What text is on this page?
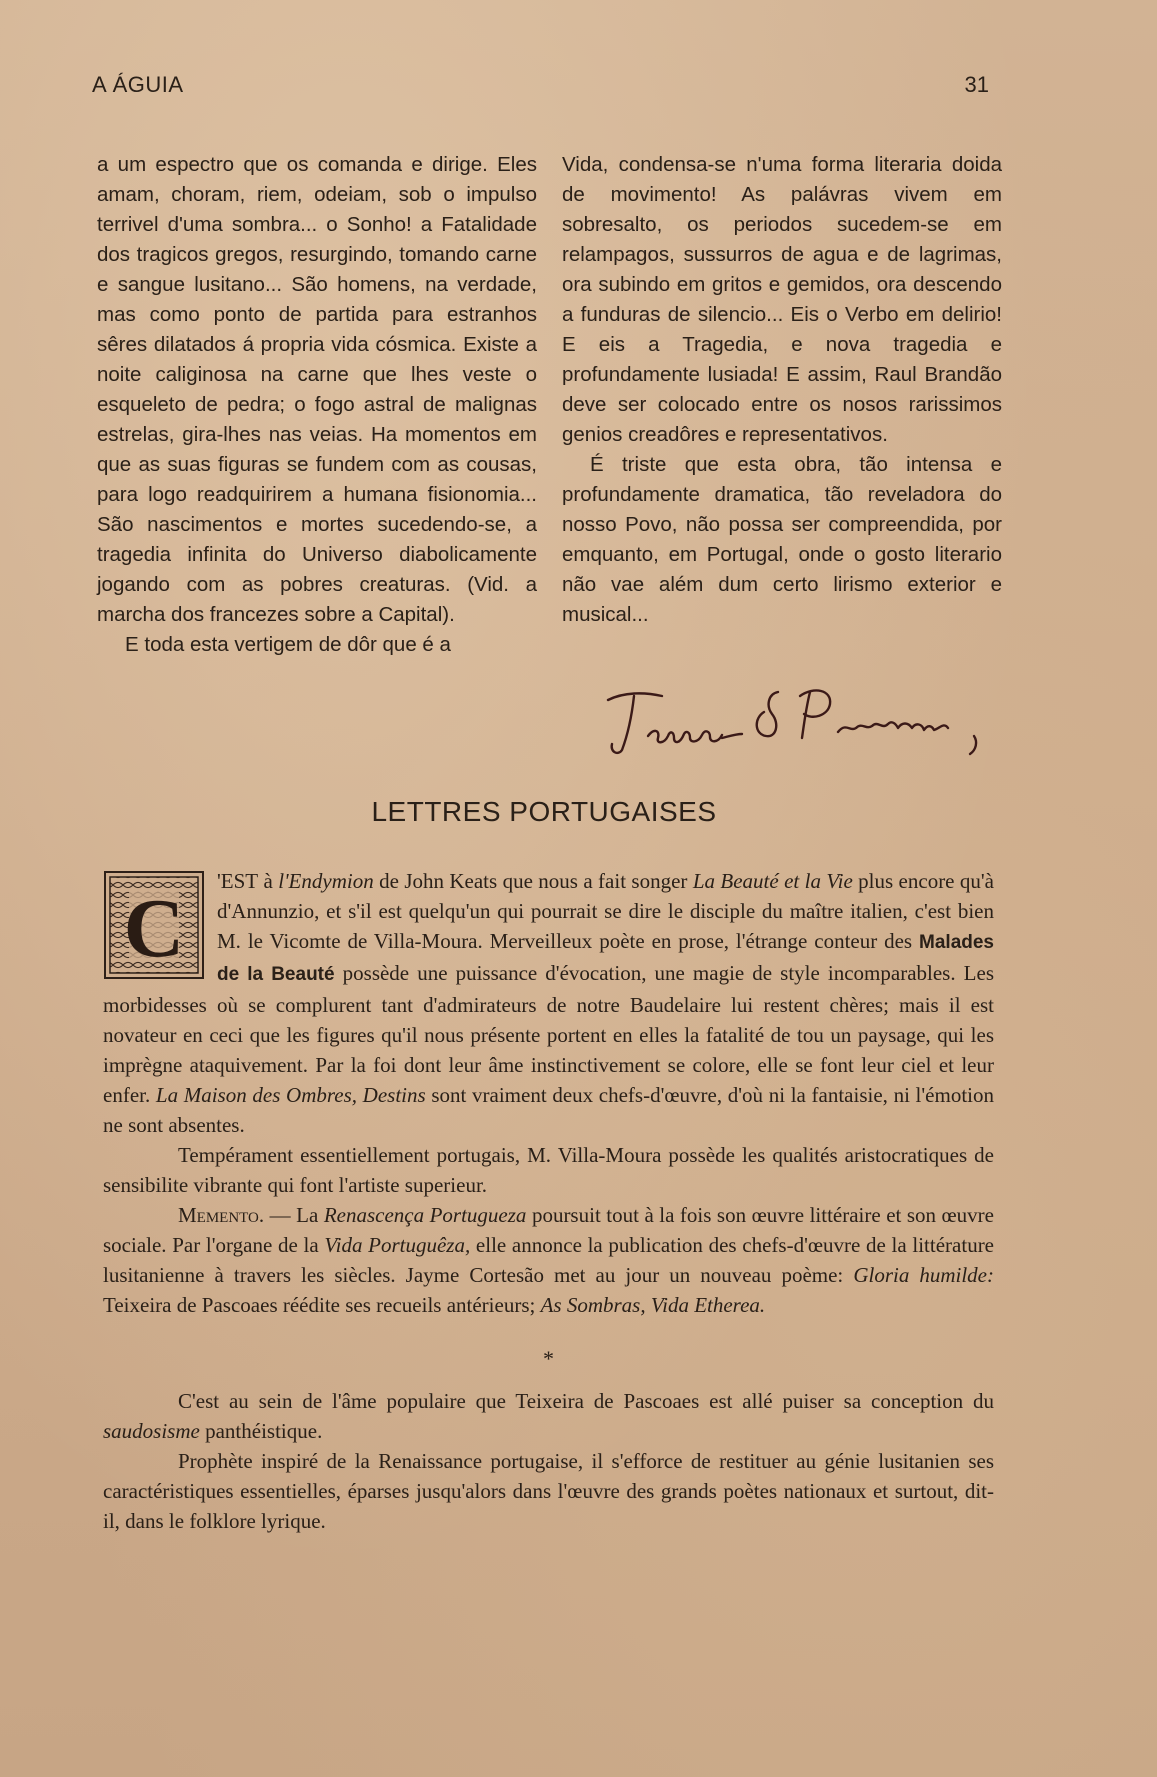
A ÁGUIA	31

a um espectro que os comanda e dirige. Eles amam, choram, riem, odeiam, sob o impulso terrivel d'uma sombra... o Sonho! a Fatalidade dos tragicos gregos, resurgindo, tomando carne e sangue lusitano... São homens, na verdade, mas como ponto de partida para estranhos sêres dilatados á propria vida cósmica. Existe a noite caliginosa na carne que lhes veste o esqueleto de pedra; o fogo astral de malignas estrelas, gira-lhes nas veias. Ha momentos em que as suas figuras se fundem com as cousas, para logo readquirirem a humana fisionomia... São nascimentos e mortes sucedendo-se, a tragedia infinita do Universo diabolicamente jogando com as pobres creaturas. (Vid. a marcha dos francezes sobre a Capital).

E toda esta vertigem de dôr que é a

Vida, condensa-se n'uma forma literaria doida de movimento! As palávras vivem em sobresalto, os periodos sucedem-se em relampagos, sussurros de agua e de lagrimas, ora subindo em gritos e gemidos, ora descendo a funduras de silencio... Eis o Verbo em delirio! E eis a Tragedia, e nova tragedia e profundamente lusiada! E assim, Raul Brandão deve ser colocado entre os nosos rarissimos genios creadôres e representativos.

É triste que esta obra, tão intensa e profundamente dramatica, tão reveladora do nosso Povo, não possa ser compreendida, por emquanto, em Portugal, onde o gosto literario não vae além dum certo lirismo exterior e musical...

LETTRES PORTUGAISES

C
'EST à l'Endymion de John Keats que nous a fait songer La Beauté et la Vie plus encore qu'à d'Annunzio, et s'il est quelqu'un qui pourrait se dire le disciple du maître italien, c'est bien M. le Vicomte de Villa-Moura. Merveilleux poète en prose, l'étrange conteur des Malades de la Beauté possède une puissance d'évocation, une magie de style incomparables. Les morbidesses où se complurent tant d'admirateurs de notre Baudelaire lui restent chères; mais il est novateur en ceci que les figures qu'il nous présente portent en elles la fatalité de tou un paysage, qui les imprègne ataquivement. Par la foi dont leur âme instinctivement se colore, elle se font leur ciel et leur enfer. La Maison des Ombres, Destins sont vraiment deux chefs-d'œuvre, d'où ni la fantaisie, ni l'émotion ne sont absentes.

Tempérament essentiellement portugais, M. Villa-Moura possède les qualités aristocratiques de sensibilite vibrante qui font l'artiste superieur.

Memento. — La Renascença Portugueza poursuit tout à la fois son œuvre littéraire et son œuvre sociale. Par l'organe de la Vida Portuguêza, elle annonce la publication des chefs-d'œuvre de la littérature lusitanienne à travers les siècles. Jayme Cortesão met au jour un nouveau poème: Gloria humilde: Teixeira de Pascoaes réédite ses recueils antérieurs; As Sombras, Vida Etherea.

*

C'est au sein de l'âme populaire que Teixeira de Pascoaes est allé puiser sa conception du saudosisme panthéistique.

Prophète inspiré de la Renaissance portugaise, il s'efforce de restituer au génie lusitanien ses caractéristiques essentielles, éparses jusqu'alors dans l'œuvre des grands poètes nationaux et surtout, dit-il, dans le folklore lyrique.
